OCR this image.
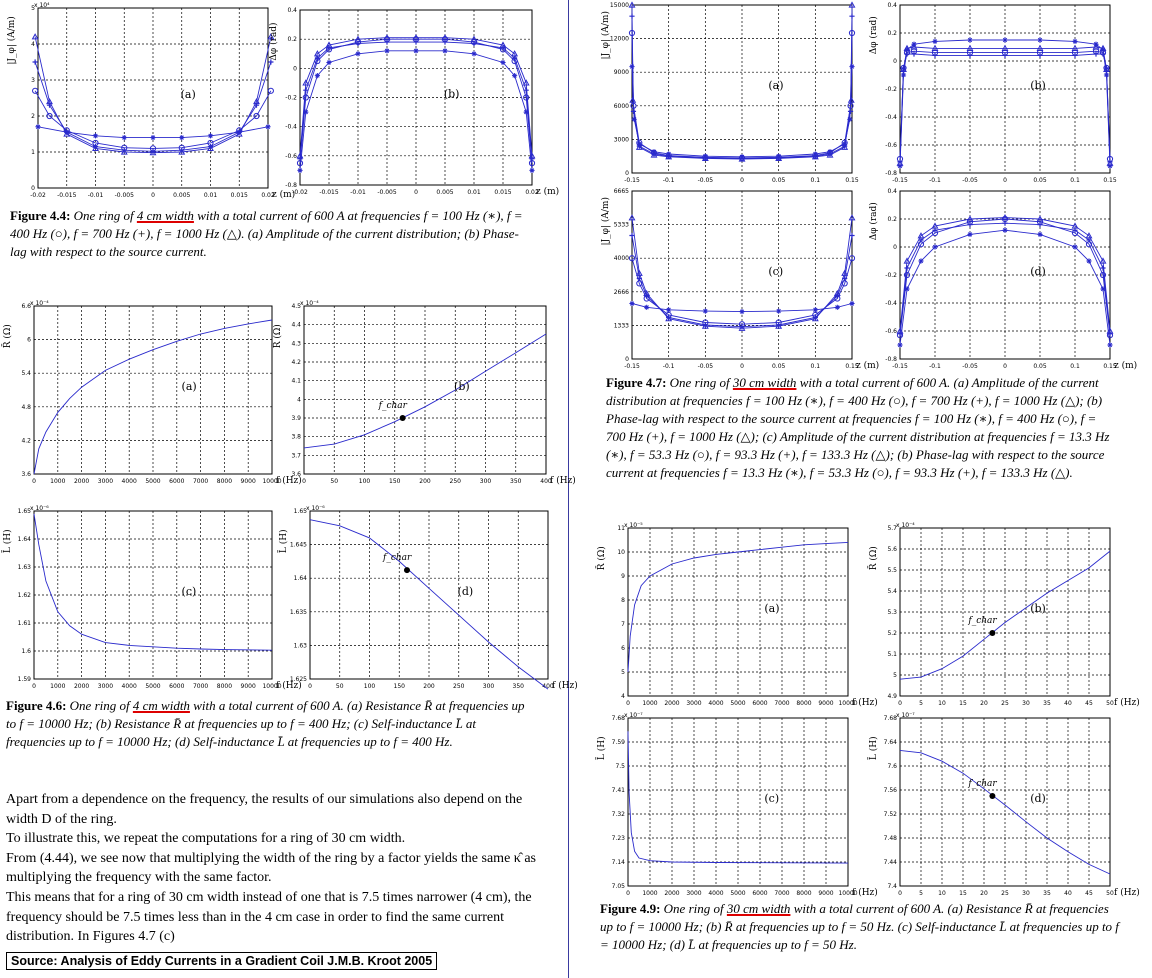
-0.02 -0.015 -0.01 -0.005	0	0.005 0.01 0.015 0.02
0
1
2
3
4
5 x 10⁴
|J_φ| (A/m)
z (m)
(a)
-0.02 -0.015 -0.01 -0.005	0	0.005 0.01 0.015 0.02
-0.8
-0.6
-0.4
-0.2
0
0.2
0.4
Δφ (rad)
z (m)
(b)
0 1000 2000 3000 4000 5000 6000 7000 8000 9000 10000
3.6
4.2
4.8
5.4
6
6.6 x 10⁻⁴
R̄ (Ω)
f (Hz)
(a)
0	50	100	150	200	250	300	350	400
3.6
3.7
3.8
3.9
4
4.1
4.2
4.3
4.4
4.5 x 10⁻⁴
R̄ (Ω)
f (Hz)
f_char
(b)
0 1000 2000 3000 4000 5000 6000 7000 8000 9000 10000
1.59
1.6
1.61
1.62
1.63
1.64
1.65 x 10⁻⁶
L̄ (H)
f (Hz)
(c)
0	50	100	150	200	250	300	350	400
1.625
1.63
1.635
1.64
1.645
1.65 x 10⁻⁶
L̄ (H)
f (Hz)
f_char
(d)
-0.15	-0.1	-0.05	0	0.05	0.1	0.15
0
3000
6000
9000
12000
15000
|J_φ| (A/m)
(a)
-0.15	-0.1	-0.05	0	0.05	0.1	0.15
-0.8
-0.6
-0.4
-0.2
0
0.2
0.4
Δφ (rad)
(b)
-0.15	-0.1	-0.05	0	0.05	0.1	0.15
0
1333
2666
4000
5333
6665
|J_φ| (A/m)
z (m)
(c)
-0.15	-0.1	-0.05	0	0.05	0.1	0.15
-0.8
-0.6
-0.4
-0.2
0
0.2
0.4
Δφ (rad)
z (m)
(d)
0 1000 2000 3000 4000 5000 6000 7000 8000 9000 10000
4
5
6
7
8
9
10
11 x 10⁻⁵
R̄ (Ω)
f (Hz)
(a)
0	5	10 15 20 25 30 35 40 45 50
4.9
5
5.1
5.2
5.3
5.4
5.5
5.6
5.7 x 10⁻⁴
R̄ (Ω)
f (Hz)
f_char
(b)
0 1000 2000 3000 4000 5000 6000 7000 8000 9000 10000
7.05
7.14
7.23
7.32
7.41
7.5
7.59
7.68 x 10⁻⁷
L̄ (H)
f (Hz)
(c)
0	5	10 15 20 25 30 35 40 45 50
7.4
7.44
7.48
7.52
7.56
7.6
7.64
7.68 x 10⁻⁷
L̄ (H)
f (Hz)
f_char
(d)
Figure 4.4: One ring of 4 cm width with a total current of 600 A at frequencies f = 100 Hz (∗), f = 400 Hz (○), f = 700 Hz (+), f = 1000 Hz (△). (a) Amplitude of the current distribution; (b) Phase-lag with respect to the source current.
Figure 4.6: One ring of 4 cm width with a total current of 600 A. (a) Resistance R̄ at frequencies up to f = 10000 Hz; (b) Resistance R̄ at frequencies up to f = 400 Hz; (c) Self-inductance L̄ at frequencies up to f = 10000 Hz; (d) Self-inductance L̄ at frequencies up to f = 400 Hz.
Figure 4.7: One ring of 30 cm width with a total current of 600 A. (a) Amplitude of the current distribution at frequencies f = 100 Hz (∗), f = 400 Hz (○), f = 700 Hz (+), f = 1000 Hz (△); (b) Phase-lag with respect to the source current at frequencies f = 100 Hz (∗), f = 400 Hz (○), f = 700 Hz (+), f = 1000 Hz (△); (c) Amplitude of the current distribution at frequencies f = 13.3 Hz (∗), f = 53.3 Hz (○), f = 93.3 Hz (+), f = 133.3 Hz (△); (b) Phase-lag with respect to the source current at frequencies f = 13.3 Hz (∗), f = 53.3 Hz (○), f = 93.3 Hz (+), f = 133.3 Hz (△).
Figure 4.9: One ring of 30 cm width with a total current of 600 A. (a) Resistance R̄ at frequencies up to f = 10000 Hz; (b) R̄ at frequencies up to f = 50 Hz. (c) Self-inductance L̄ at frequencies up to f = 10000 Hz; (d) L̄ at frequencies up to f = 50 Hz.

Apart from a dependence on the frequency, the results of our simulations also depend on the width D of the ring.

To illustrate this, we repeat the computations for a ring of 30 cm width.

From (4.44), we see now that multiplying the width of the ring by a factor yields the same κ̂ as multiplying the frequency with the same factor.

This means that for a ring of 30 cm width instead of one that is 7.5 times narrower (4 cm), the frequency should be 7.5 times less than in the 4 cm case in order to find the same current distribution. In Figures 4.7 (c)

Source: Analysis of Eddy Currents in a Gradient Coil J.M.B. Kroot 2005
